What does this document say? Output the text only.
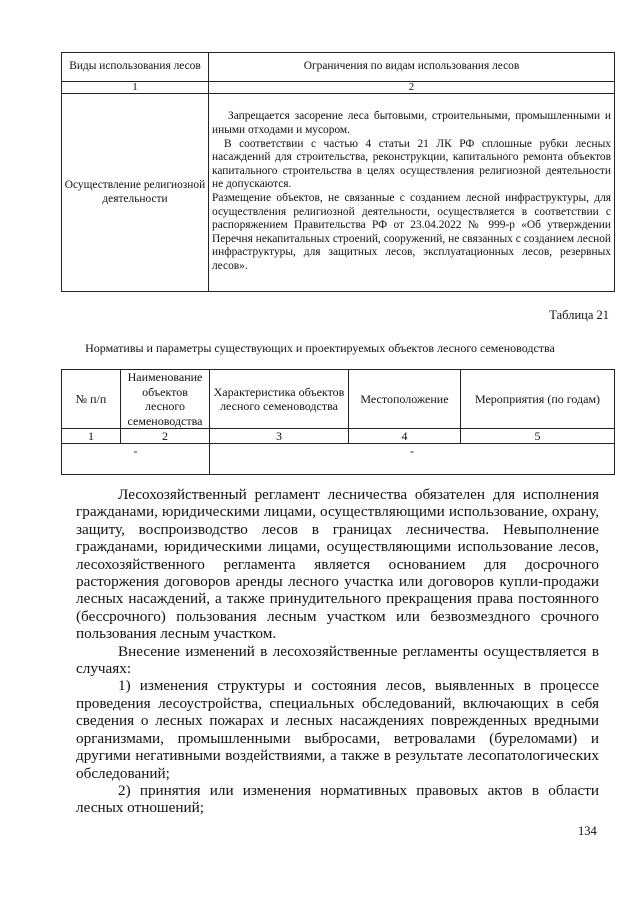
Виды использования лесов	Ограничения по видам использования лесов
1	2
Осуществление религиозной деятельности	Запрещается засорение леса бытовыми, строительными, промышленными и иными отходами и мусором.

В соответствии с частью 4 статьи 21 ЛК РФ сплошные рубки лесных насаждений для строительства, реконструкции, капитального ремонта объектов капитального строительства в целях осуществления религиозной деятельности не допускаются.

Размещение объектов, не связанные с созданием лесной инфраструктуры, для осуществления религиозной деятельности, осуществляется в соответствии с распоряжением Правительства РФ от 23.04.2022 № 999-р «Об утверждении Перечня некапитальных строений, сооружений, не связанных с созданием лесной инфраструктуры, для защитных лесов, эксплуатационных лесов, резервных лесов».

Таблица 21
Нормативы и параметры существующих и проектируемых объектов лесного семеноводства
№ п/п	Наименование объектов лесного семеноводства	Характеристика объектов лесного семеноводства	Местоположение	Мероприятия (по годам)
1	2	3	4	5
-		-		

Лесохозяйственный регламент лесничества обязателен для исполнения гражданами, юридическими лицами, осуществляющими использование, охрану, защиту, воспроизводство лесов в границах лесничества. Невыполнение гражданами, юридическими лицами, осуществляющими использование лесов, лесохозяйственного регламента является основанием для досрочного расторжения договоров аренды лесного участка или договоров купли-продажи лесных насаждений, а также принудительного прекращения права постоянного (бессрочного) пользования лесным участком или безвозмездного срочного пользования лесным участком.

Внесение изменений в лесохозяйственные регламенты осуществляется в случаях:

1) изменения структуры и состояния лесов, выявленных в процессе проведения лесоустройства, специальных обследований, включающих в себя сведения о лесных пожарах и лесных насаждениях поврежденных вредными организмами, промышленными выбросами, ветровалами (буреломами) и другими негативными воздействиями, а также в результате лесопатологических обследований;

2) принятия или изменения нормативных правовых актов в области лесных отношений;

134
